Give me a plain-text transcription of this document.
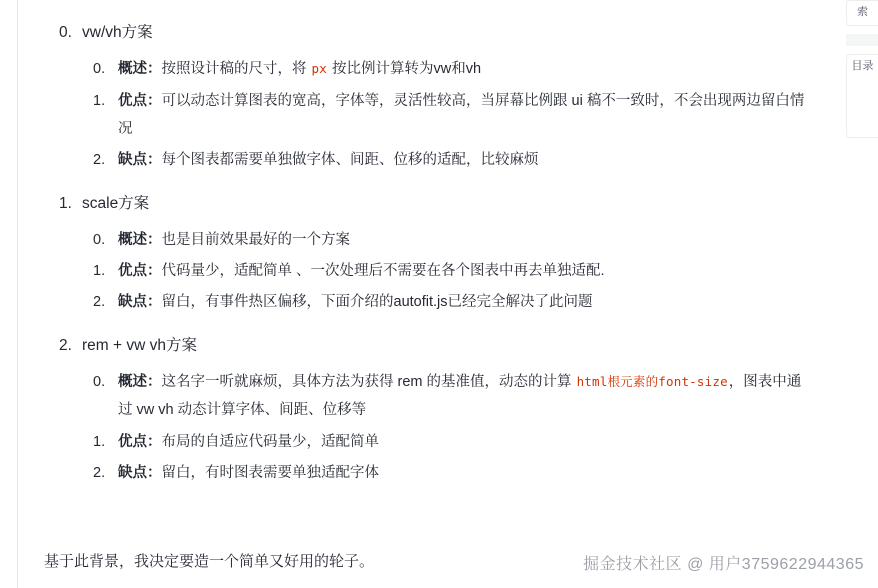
0. vw/vh方案
0. 概述：按照设计稿的尺寸，将 px 按比例计算转为vw和vh
1. 优点：可以动态计算图表的宽高，字体等，灵活性较高，当屏幕比例跟 ui 稿不一致时，不会出现两边留白情况
2. 缺点：每个图表都需要单独做字体、间距、位移的适配，比较麻烦
1. scale方案
0. 概述：也是目前效果最好的一个方案
1. 优点：代码量少，适配简单 、一次处理后不需要在各个图表中再去单独适配.
2. 缺点：留白，有事件热区偏移，下面介绍的autofit.js已经完全解决了此问题
2. rem + vw vh方案
0. 概述：这名字一听就麻烦，具体方法为获得 rem 的基准值，动态的计算 html根元素的font-size，图表中通过 vw vh 动态计算字体、间距、位移等
1. 优点：布局的自适应代码量少，适配简单
2. 缺点：留白，有时图表需要单独适配字体
基于此背景，我决定要造一个简单又好用的轮子。
索
目录
掘金技术社区 @ 用户3759622944365
